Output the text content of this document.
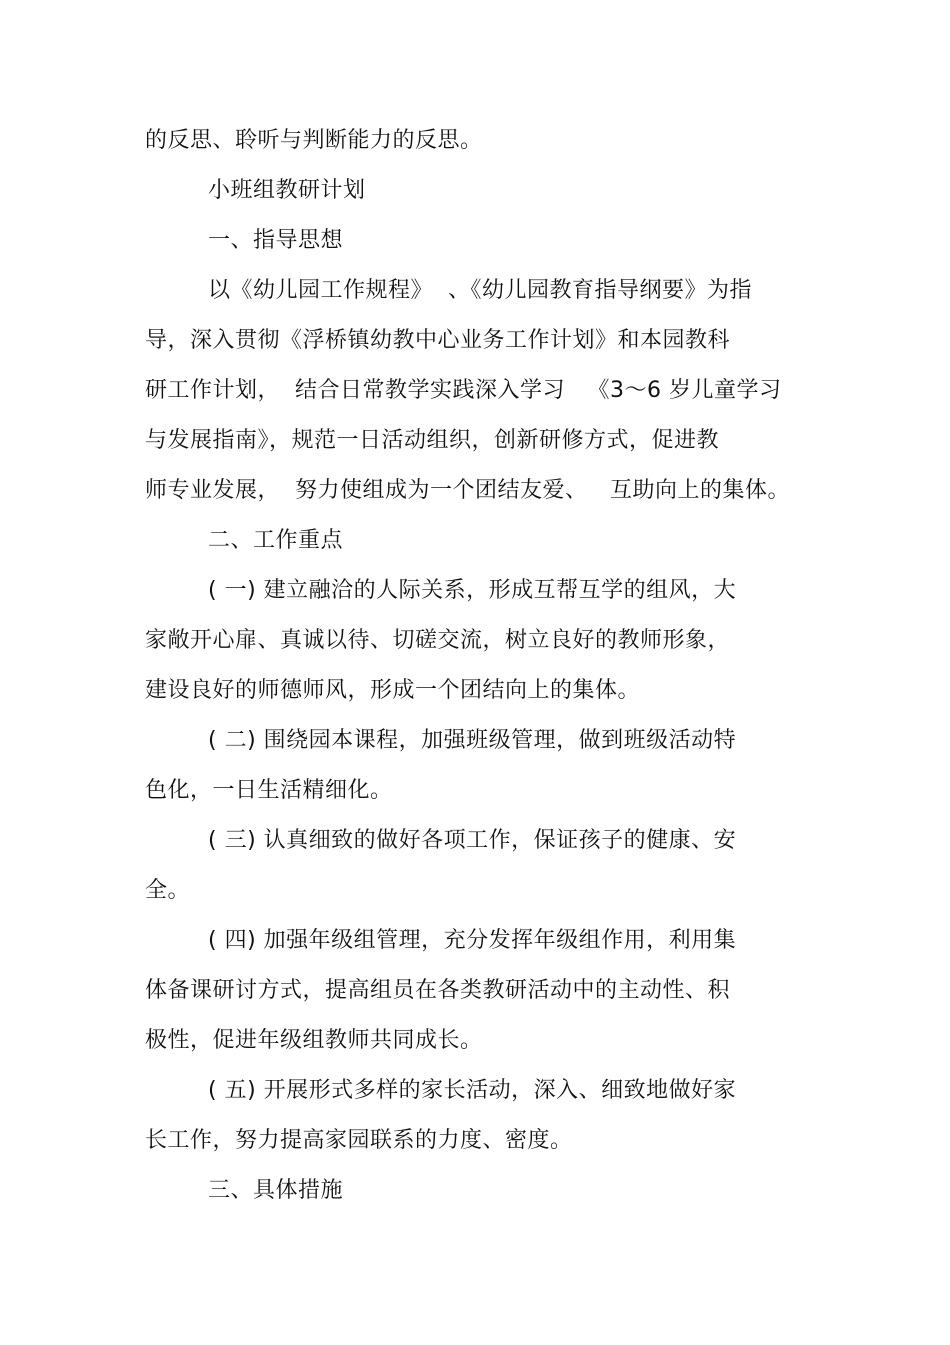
的反思、聆听与判断能力的反思。
小班组教研计划
一、指导思想
以《幼儿园工作规程》  、《幼儿园教育指导纲要》为指
导，深入贯彻《浮桥镇幼教中心业务工作计划》和本园教科
研工作计划，  结合日常教学实践深入学习   《3～6 岁儿童学习
与发展指南》，规范一日活动组织，创新研修方式，促进教
师专业发展，  努力使组成为一个团结友爱、   互助向上的集体。
二、工作重点
( 一) 建立融洽的人际关系，形成互帮互学的组风，大
家敞开心扉、真诚以待、切磋交流，树立良好的教师形象，
建设良好的师德师风，形成一个团结向上的集体。
( 二) 围绕园本课程，加强班级管理，做到班级活动特
色化，一日生活精细化。
( 三) 认真细致的做好各项工作，保证孩子的健康、安
全。
( 四) 加强年级组管理，充分发挥年级组作用，利用集
体备课研讨方式，提高组员在各类教研活动中的主动性、积
极性，促进年级组教师共同成长。
( 五) 开展形式多样的家长活动，深入、细致地做好家
长工作，努力提高家园联系的力度、密度。
三、具体措施
